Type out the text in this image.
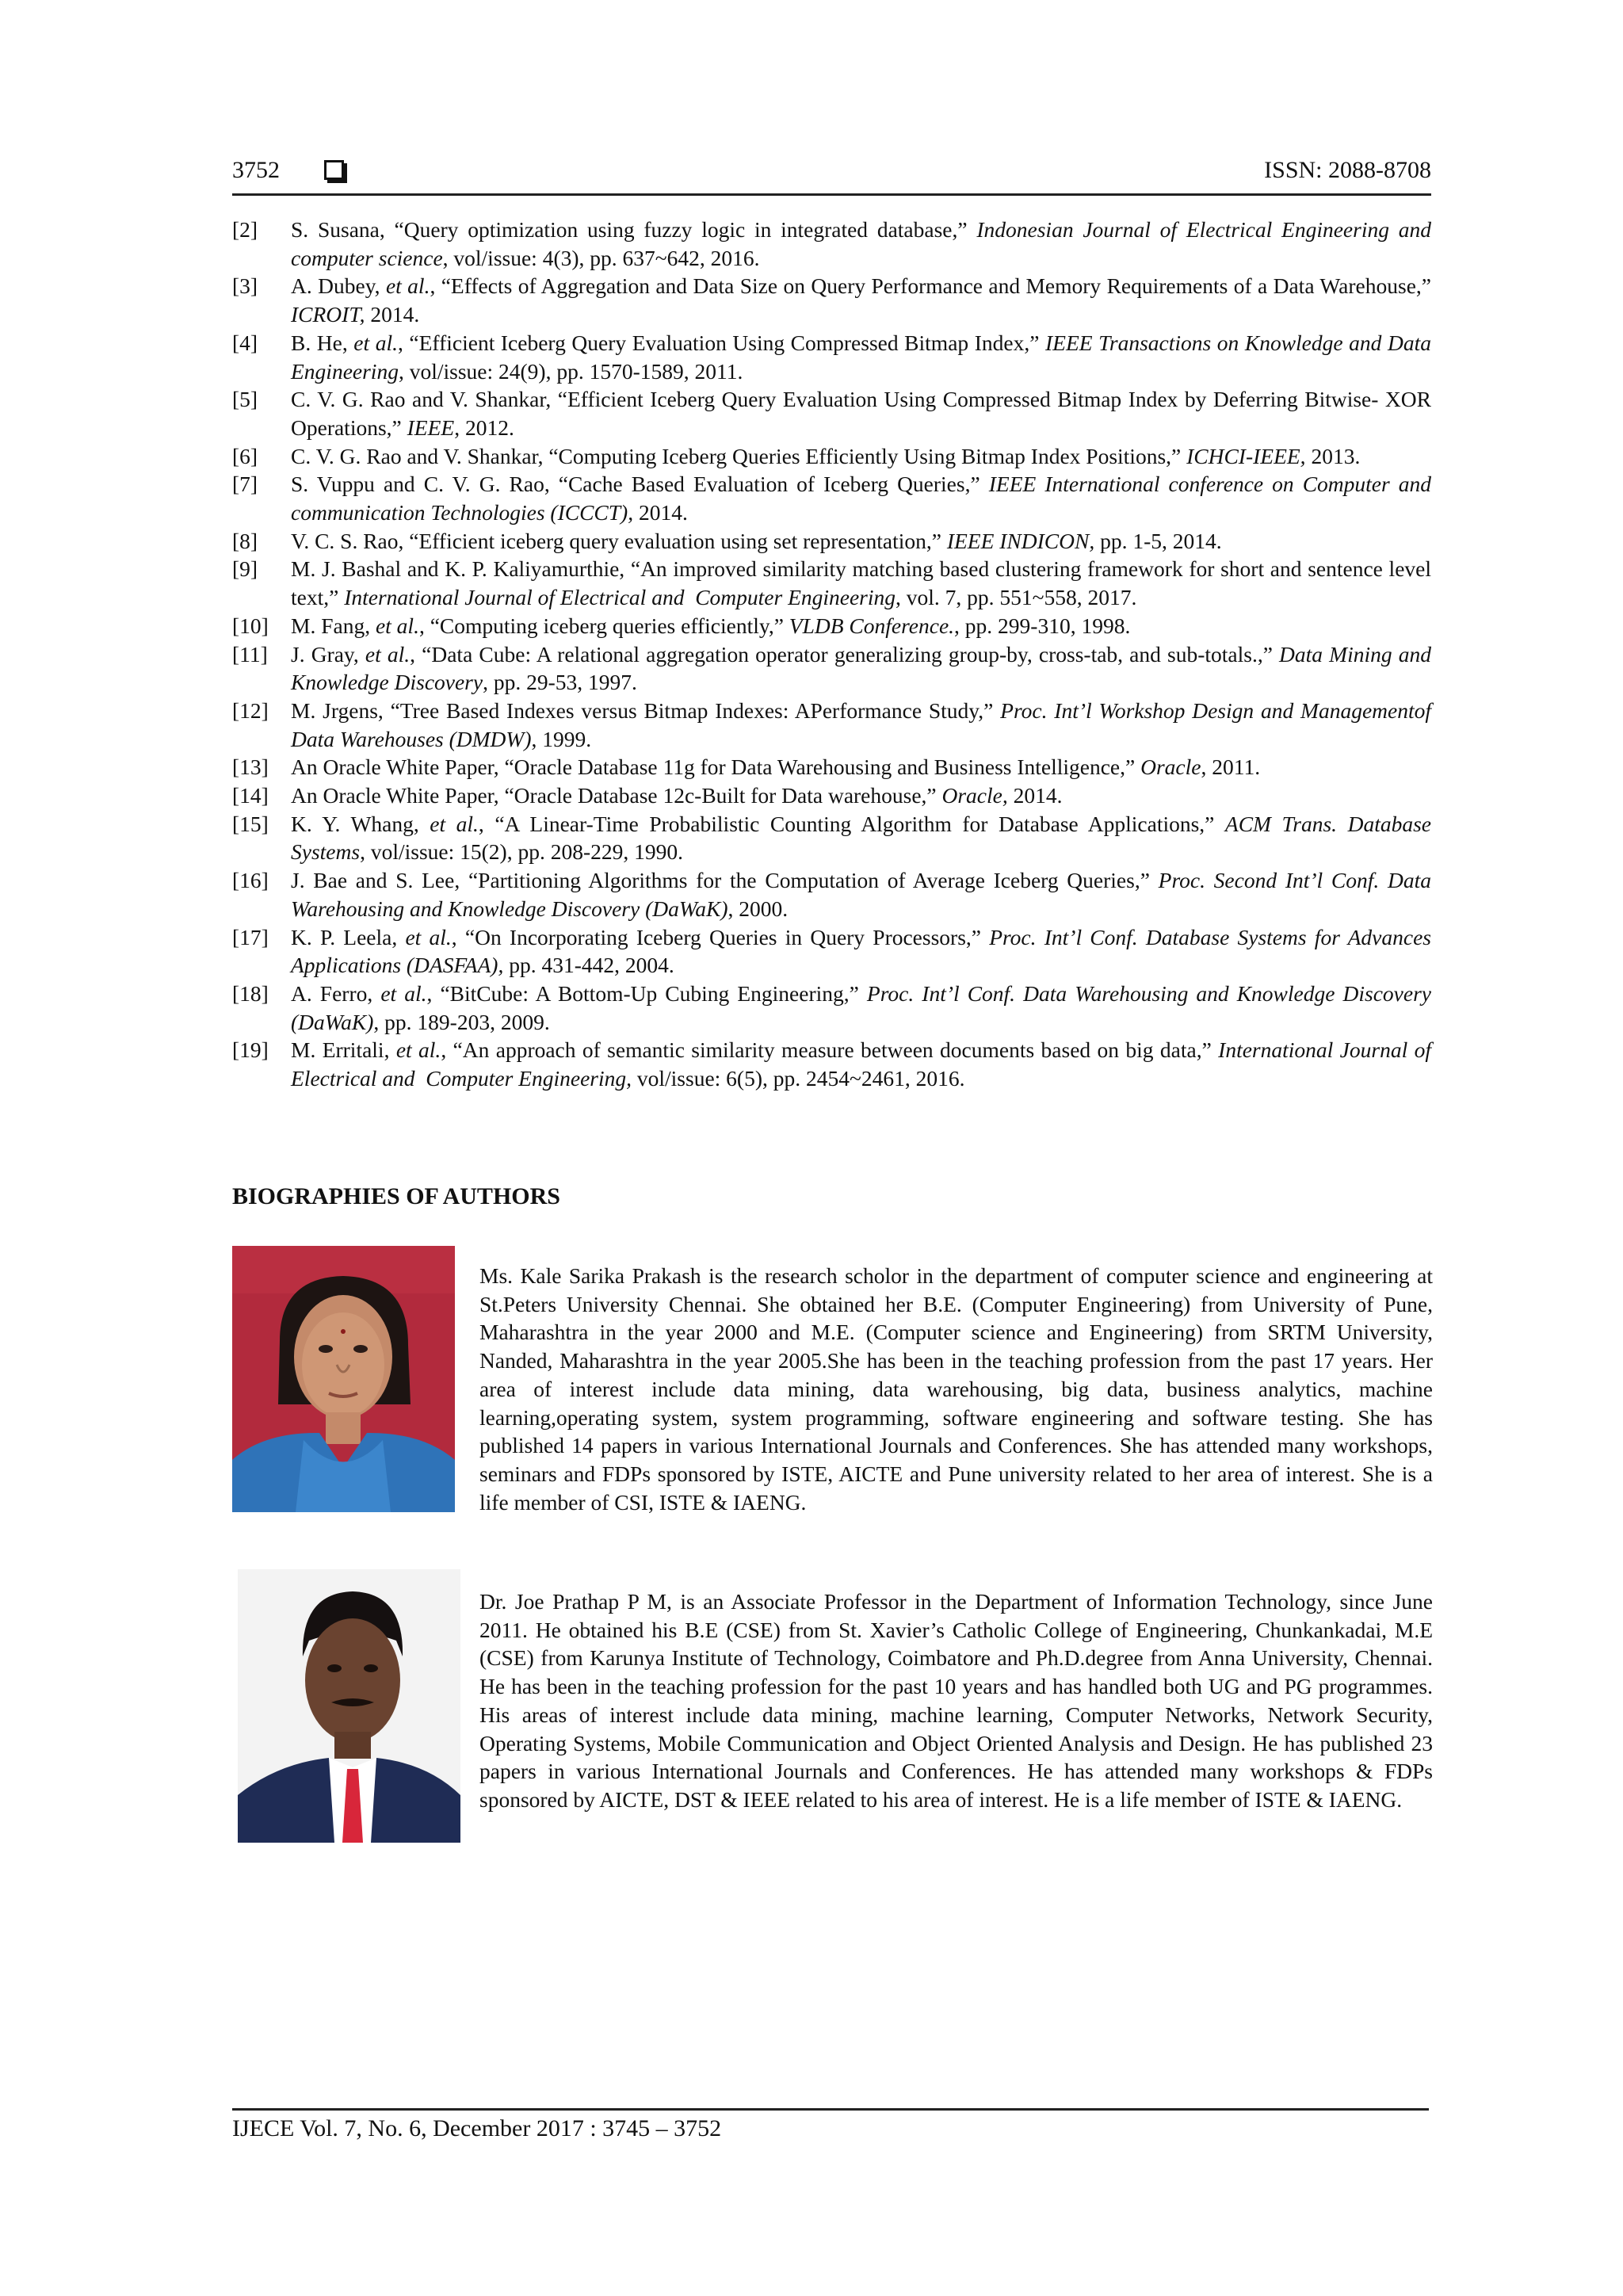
3752	ISSN: 2088-8708
[2]	S. Susana, “Query optimization using fuzzy logic in integrated database,” Indonesian Journal of Electrical Engineering and computer science, vol/issue: 4(3), pp. 637~642, 2016.
[3]	A. Dubey, et al., “Effects of Aggregation and Data Size on Query Performance and Memory Requirements of a Data Warehouse,” ICROIT, 2014.
[4]	B. He, et al., “Efficient Iceberg Query Evaluation Using Compressed Bitmap Index,” IEEE Transactions on Knowledge and Data Engineering, vol/issue: 24(9), pp. 1570-1589, 2011.
[5]	C. V. G. Rao and V. Shankar, “Efficient Iceberg Query Evaluation Using Compressed Bitmap Index by Deferring Bitwise- XOR Operations,” IEEE, 2012.
[6]	C. V. G. Rao and V. Shankar, “Computing Iceberg Queries Efficiently Using Bitmap Index Positions,” ICHCI-IEEE, 2013.
[7]	S. Vuppu and C. V. G. Rao, “Cache Based Evaluation of Iceberg Queries,” IEEE International conference on Computer and communication Technologies (ICCCT), 2014.
[8]	V. C. S. Rao, “Efficient iceberg query evaluation using set representation,” IEEE INDICON, pp. 1-5, 2014.
[9]	M. J. Bashal and K. P. Kaliyamurthie, “An improved similarity matching based clustering framework for short and sentence level text,” International Journal of Electrical and  Computer Engineering, vol. 7, pp. 551~558, 2017.
[10]	M. Fang, et al., “Computing iceberg queries efficiently,” VLDB Conference., pp. 299-310, 1998.
[11]	J. Gray, et al., “Data Cube: A relational aggregation operator generalizing group-by, cross-tab, and sub-totals.,” Data Mining and Knowledge Discovery, pp. 29-53, 1997.
[12]	M. Jrgens, “Tree Based Indexes versus Bitmap Indexes: APerformance Study,” Proc. Int’l Workshop Design and Managementof Data Warehouses (DMDW), 1999.
[13]	An Oracle White Paper, “Oracle Database 11g for Data Warehousing and Business Intelligence,” Oracle, 2011.
[14]	An Oracle White Paper, “Oracle Database 12c-Built for Data warehouse,” Oracle, 2014.
[15]	K. Y. Whang, et al., “A Linear-Time Probabilistic Counting Algorithm for Database Applications,” ACM Trans. Database Systems, vol/issue: 15(2), pp. 208-229, 1990.
[16]	J. Bae and S. Lee, “Partitioning Algorithms for the Computation of Average Iceberg Queries,” Proc. Second Int’l Conf. Data Warehousing and Knowledge Discovery (DaWaK), 2000.
[17]	K. P. Leela, et al., “On Incorporating Iceberg Queries in Query Processors,” Proc. Int’l Conf. Database Systems for Advances Applications (DASFAA), pp. 431-442, 2004.
[18]	A. Ferro, et al., “BitCube: A Bottom-Up Cubing Engineering,” Proc. Int’l Conf. Data Warehousing and Knowledge Discovery (DaWaK), pp. 189-203, 2009.
[19]	M. Erritali, et al., “An approach of semantic similarity measure between documents based on big data,” International Journal of Electrical and  Computer Engineering, vol/issue: 6(5), pp. 2454~2461, 2016.
BIOGRAPHIES OF AUTHORS
Ms. Kale Sarika Prakash is the research scholor in the department of computer science and engineering at St.Peters University Chennai. She obtained her B.E. (Computer Engineering) from University of Pune, Maharashtra in the year 2000 and M.E. (Computer science and Engineering) from SRTM University, Nanded, Maharashtra in the year 2005.She has been in the teaching profession from the past 17 years. Her area of interest include data mining, data warehousing, big data, business analytics, machine learning,operating system, system programming, software engineering and software testing. She has published 14 papers in various International Journals and Conferences. She has attended many workshops, seminars and FDPs sponsored by ISTE, AICTE and Pune university related to her area of interest. She is a life member of CSI, ISTE & IAENG.
Dr. Joe Prathap P M, is an Associate Professor in the Department of Information Technology, since June 2011. He obtained his B.E (CSE) from St. Xavier’s Catholic College of Engineering, Chunkankadai, M.E (CSE) from Karunya Institute of Technology, Coimbatore and Ph.D.degree from Anna University, Chennai. He has been in the teaching profession for the past 10 years and has handled both UG and PG programmes. His areas of interest include data mining, machine learning, Computer Networks, Network Security, Operating Systems, Mobile Communication and Object Oriented Analysis and Design. He has published 23 papers in various International Journals and Conferences. He has attended many workshops & FDPs sponsored by AICTE, DST & IEEE related to his area of interest. He is a life member of ISTE & IAENG.
IJECE Vol. 7, No. 6, December 2017 : 3745 – 3752
